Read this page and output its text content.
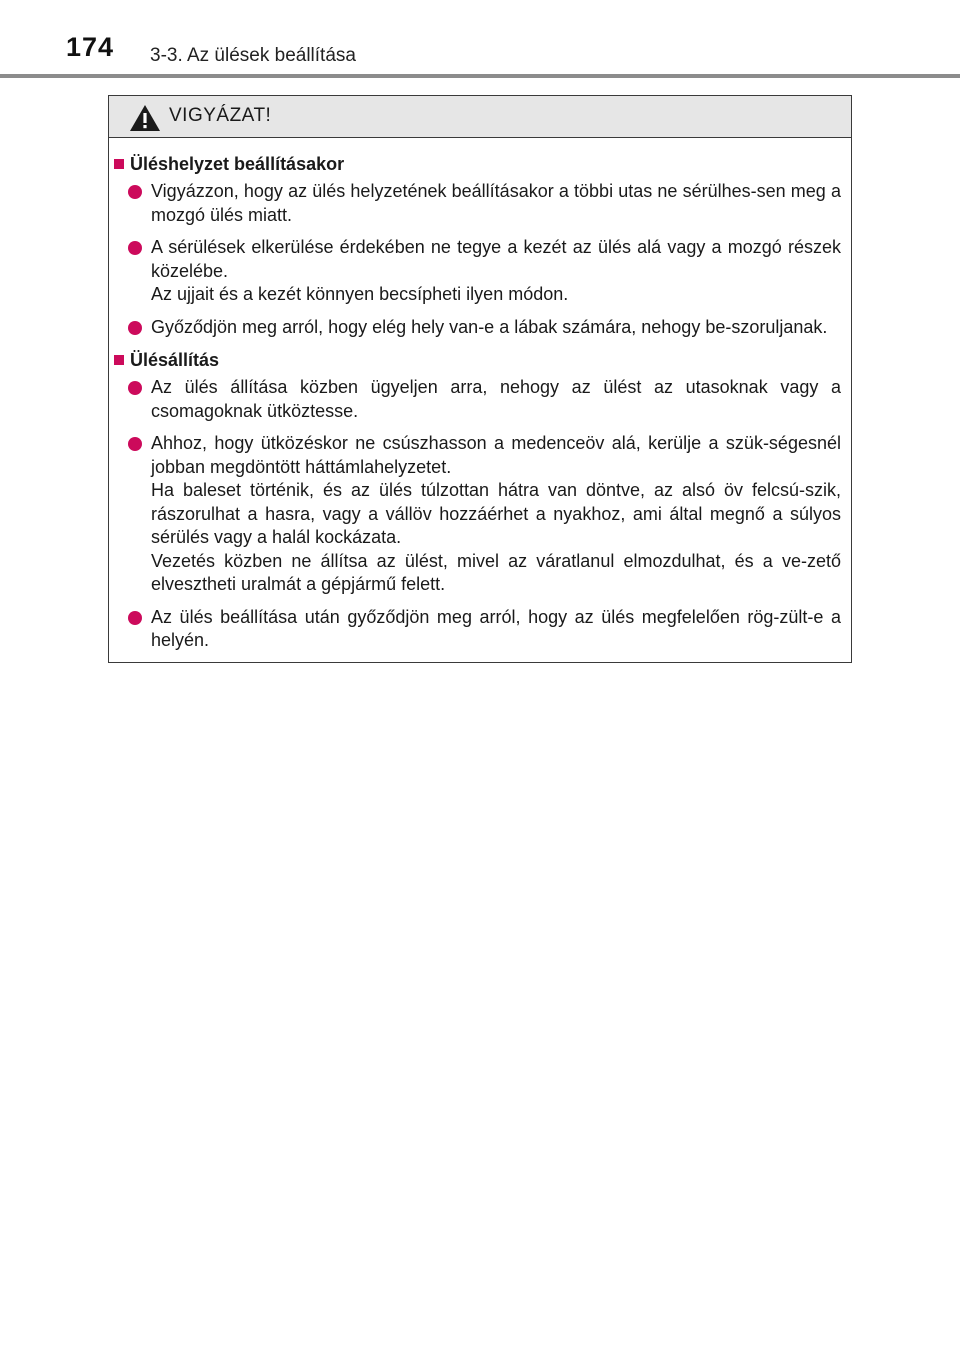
174 3-3. Az ülések beállítása
VIGYÁZAT!
Üléshelyzet beállításakor
Vigyázzon, hogy az ülés helyzetének beállításakor a többi utas ne sérülhes-sen meg a mozgó ülés miatt.
A sérülések elkerülése érdekében ne tegye a kezét az ülés alá vagy a mozgó részek közelébe.
Az ujjait és a kezét könnyen becsípheti ilyen módon.
Győződjön meg arról, hogy elég hely van-e a lábak számára, nehogy be-szoruljanak.
Ülésállítás
Az ülés állítása közben ügyeljen arra, nehogy az ülést az utasoknak vagy a csomagoknak ütköztesse.
Ahhoz, hogy ütközéskor ne csúszhasson a medenceöv alá, kerülje a szük-ségesnél jobban megdöntött háttámlahelyzetet.
Ha baleset történik, és az ülés túlzottan hátra van döntve, az alsó öv felcsú-szik, rászorulhat a hasra, vagy a vállöv hozzáérhet a nyakhoz, ami által megnő a súlyos sérülés vagy a halál kockázata.
Vezetés közben ne állítsa az ülést, mivel az váratlanul elmozdulhat, és a ve-zető elvesztheti uralmát a gépjármű felett.
Az ülés beállítása után győződjön meg arról, hogy az ülés megfelelően rög-zült-e a helyén.
